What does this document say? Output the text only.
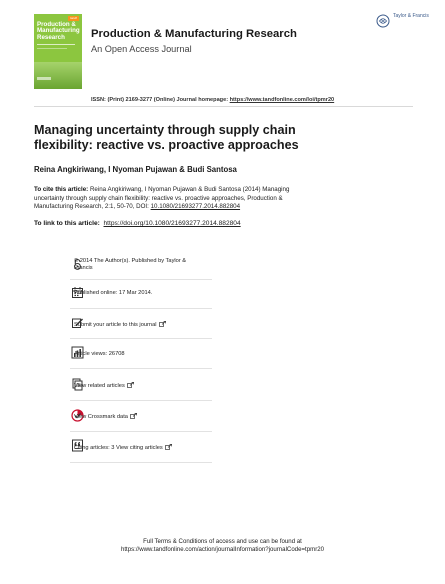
tandf
Production &
Manufacturing
Research	Production & Manufacturing Research
An Open Access Journal
Taylor & Francis
ISSN: (Print) 2169-3277 (Online) Journal homepage: https://www.tandfonline.com/loi/tpmr20
Managing uncertainty through supply chain
flexibility: reactive vs. proactive approaches
Reina Angkiriwang, I Nyoman Pujawan & Budi Santosa
To cite this article: Reina Angkiriwang, I Nyoman Pujawan & Budi Santosa (2014) Managing
uncertainty through supply chain flexibility: reactive vs. proactive approaches, Production &
Manufacturing Research, 2:1, 50-70, DOI: 10.1080/21693277.2014.882804
To link to this article: https://doi.org/10.1080/21693277.2014.882804
© 2014 The Author(s). Published by Taylor &
Francis
Published online: 17 Mar 2014.
Submit your article to this journal
Article views: 26708
View related articles
View Crossmark data
Citing articles: 3 View citing articles
Full Terms & Conditions of access and use can be found at
https://www.tandfonline.com/action/journalInformation?journalCode=tpmr20
